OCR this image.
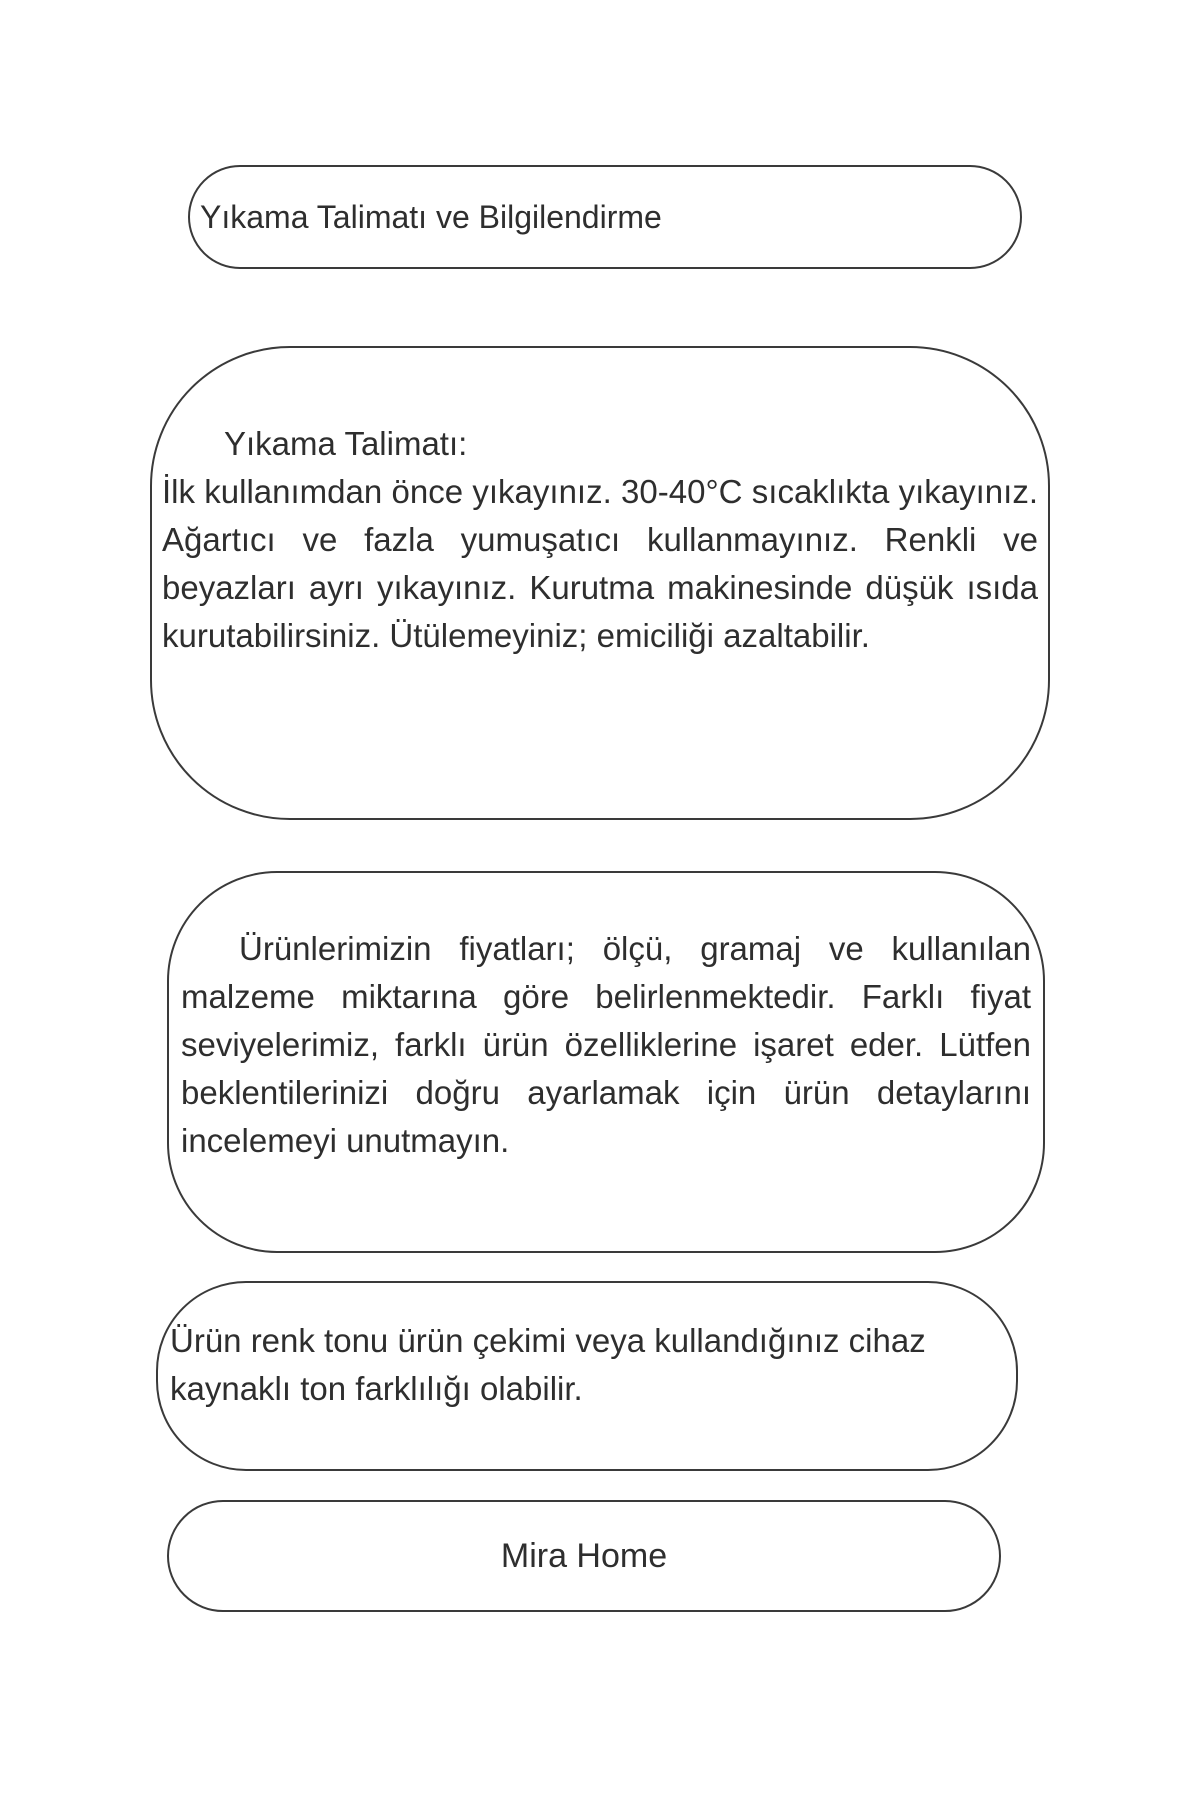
Yıkama Talimatı ve Bilgilendirme
Yıkama Talimatı:
İlk kullanımdan önce yıkayınız. 30-40°C sıcaklıkta yıkayınız. Ağartıcı ve fazla yumuşatıcı kullanmayınız. Renkli ve beyazları ayrı yıkayınız. Kurutma makinesinde düşük ısıda kurutabilirsiniz. Ütülemeyiniz; emiciliği azaltabilir.
Ürünlerimizin fiyatları; ölçü, gramaj ve kullanılan malzeme miktarına göre belirlenmektedir. Farklı fiyat seviyelerimiz, farklı ürün özelliklerine işaret eder. Lütfen beklentilerinizi doğru ayarlamak için ürün detaylarını incelemeyi unutmayın.
Ürün renk tonu ürün çekimi veya kullandığınız cihaz kaynaklı ton farklılığı olabilir.
Mira Home
